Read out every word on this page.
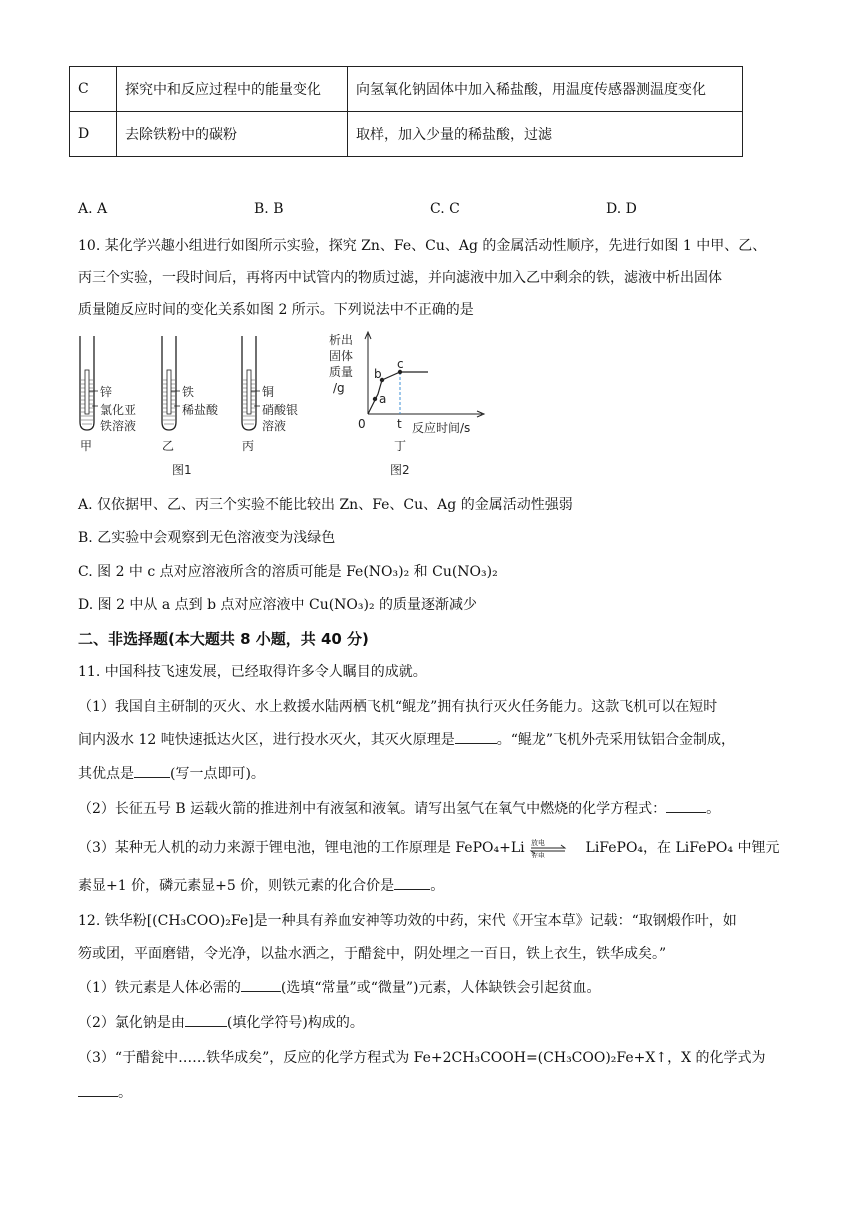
C	探究中和反应过程中的能量变化	向氢氧化钠固体中加入稀盐酸，用温度传感器测温度变化
D	去除铁粉中的碳粉	取样，加入少量的稀盐酸，过滤
A. A	B. B	C. C	D. D
10. 某化学兴趣小组进行如图所示实验，探究 Zn、Fe、Cu、Ag 的金属活动性顺序，先进行如图 1 中甲、乙、
丙三个实验，一段时间后，再将丙中试管内的物质过滤，并向滤液中加入乙中剩余的铁，滤液中析出固体
质量随反应时间的变化关系如图 2 所示。下列说法中不正确的是
锌
氯化亚
铁溶液
甲
铁
稀盐酸
乙
铜
硝酸银
溶液
丙
图1
析出
固体
质量
/g
a
b
c
0	t 反应时间/s
丁
图2
A. 仅依据甲、乙、丙三个实验不能比较出 Zn、Fe、Cu、Ag 的金属活动性强弱
B. 乙实验中会观察到无色溶液变为浅绿色
C. 图 2 中 c 点对应溶液所含的溶质可能是 Fe(NO₃)₂ 和 Cu(NO₃)₂
D. 图 2 中从 a 点到 b 点对应溶液中 Cu(NO₃)₂ 的质量逐渐减少
二、非选择题(本大题共 8 小题，共 40 分)
11. 中国科技飞速发展，已经取得许多令人瞩目的成就。
（1）我国自主研制的灭火、水上救援水陆两栖飞机“鲲龙”拥有执行灭火任务能力。这款飞机可以在短时
间内汲水 12 吨快速抵达火区，进行投水灭火，其灭火原理是	。“鲲龙”飞机外壳采用钛铝合金制成，
其优点是	(写一点即可)。
（2）长征五号 B 运载火箭的推进剂中有液氢和液氧。请写出氢气在氧气中燃烧的化学方程式：	。
（3）某种无人机的动力来源于锂电池，锂电池的工作原理是 FePO₄+Li 放电
充电	LiFePO₄，在 LiFePO₄ 中锂元
素显+1 价，磷元素显+5 价，则铁元素的化合价是	。
12. 铁华粉[(CH₃COO)₂Fe]是一种具有养血安神等功效的中药，宋代《开宝本草》记载：“取钢煅作叶，如
笏或团，平面磨错，令光净，以盐水洒之，于醋瓮中，阴处埋之一百日，铁上衣生，铁华成矣。”
（1）铁元素是人体必需的	(选填“常量”或“微量”)元素，人体缺铁会引起贫血。
（2）氯化钠是由	(填化学符号)构成的。
（3）“于醋瓮中……铁华成矣”，反应的化学方程式为 Fe+2CH₃COOH=(CH₃COO)₂Fe+X↑，X 的化学式为
。
